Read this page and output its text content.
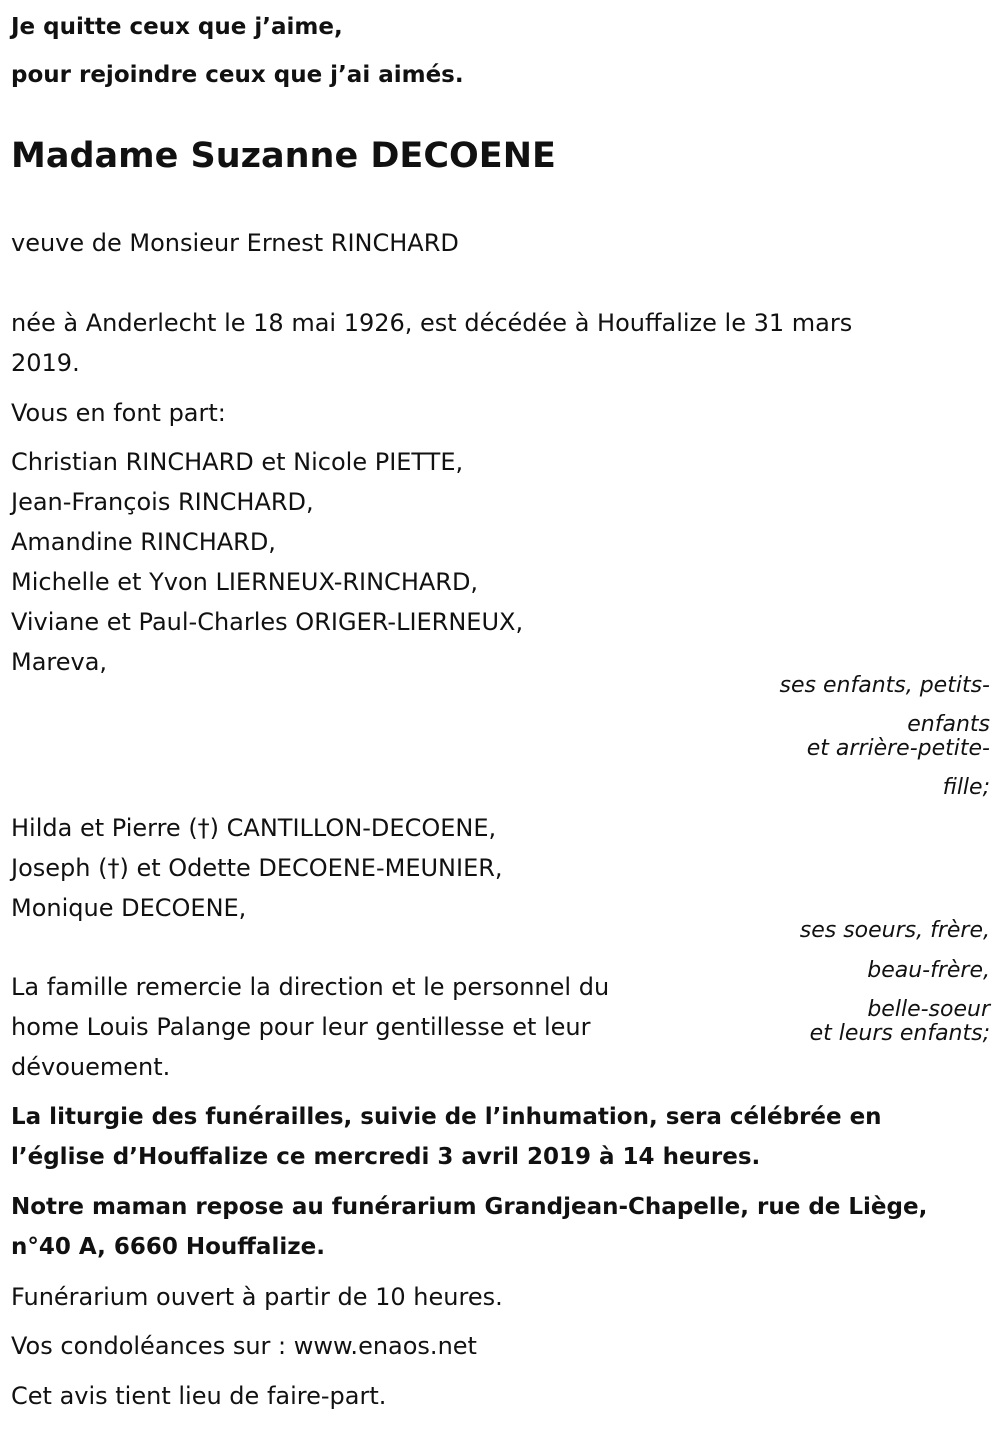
Je quitte ceux que j’aime,
pour rejoindre ceux que j’ai aimés.
Madame Suzanne DECOENE
veuve de Monsieur Ernest RINCHARD
née à Anderlecht le 18 mai 1926, est décédée à Houffalize le 31 mars
2019.
Vous en font part:
Christian RINCHARD et Nicole PIETTE,
Jean-François RINCHARD,
Amandine RINCHARD,
Michelle et Yvon LIERNEUX-RINCHARD,
Viviane et Paul-Charles ORIGER-LIERNEUX,
Mareva,
ses enfants, petits-
enfants
et arrière-petite-
fille;
Hilda et Pierre (†) CANTILLON-DECOENE,
Joseph (†) et Odette DECOENE-MEUNIER,
Monique DECOENE,
ses soeurs, frère,
beau-frère,
belle-soeur
et leurs enfants;
La famille remercie la direction et le personnel du
home Louis Palange pour leur gentillesse et leur
dévouement.
La liturgie des funérailles, suivie de l’inhumation, sera célébrée en
l’église d’Houffalize ce mercredi 3 avril 2019 à 14 heures.
Notre maman repose au funérarium Grandjean-Chapelle, rue de Liège,
n°40 A, 6660 Houffalize.
Funérarium ouvert à partir de 10 heures.
Vos condoléances sur : www.enaos.net
Cet avis tient lieu de faire-part.
